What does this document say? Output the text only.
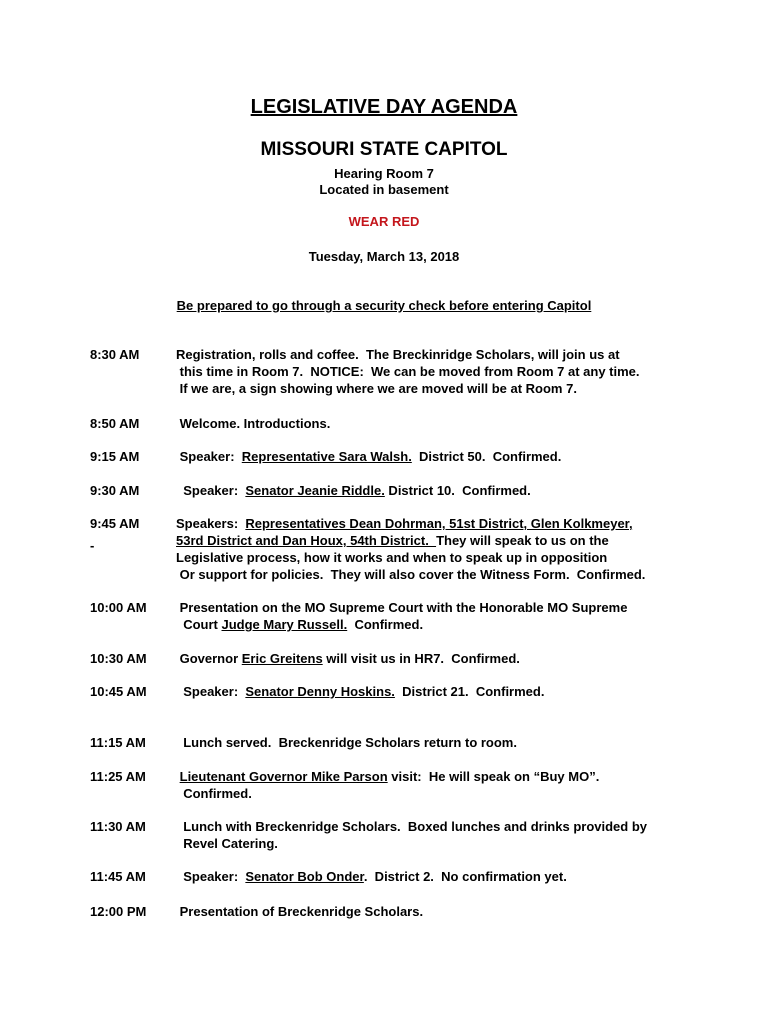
LEGISLATIVE DAY AGENDA
MISSOURI STATE CAPITOL
Hearing Room 7
Located in basement
WEAR RED
Tuesday, March 13, 2018
Be prepared to go through a security check before entering Capitol
8:30 AM	Registration, rolls and coffee.  The Breckinridge Scholars, will join us at
this time in Room 7.  NOTICE:  We can be moved from Room 7 at any time.
If we are, a sign showing where we are moved will be at Room 7.
8:50 AM	Welcome. Introductions.
9:15 AM	Speaker:  Representative Sara Walsh.  District 50.  Confirmed.
9:30 AM	Speaker:  Senator Jeanie Riddle. District 10.  Confirmed.
9:45 AM
-
Speakers:  Representatives Dean Dohrman, 51st District, Glen Kolkmeyer,
53rd District and Dan Houx, 54th District.  They will speak to us on the
Legislative process, how it works and when to speak up in opposition
Or support for policies.  They will also cover the Witness Form.  Confirmed.
10:00 AM Presentation on the MO Supreme Court with the Honorable MO Supreme
Court Judge Mary Russell.  Confirmed.
10:30 AM Governor Eric Greitens will visit us in HR7.  Confirmed.
10:45 AM Speaker:  Senator Denny Hoskins.  District 21.  Confirmed.
11:15 AM Lunch served.  Breckenridge Scholars return to room.
11:25 AM	Lieutenant Governor Mike Parson visit:  He will speak on “Buy MO”.
Confirmed.
11:30 AM Lunch with Breckenridge Scholars.  Boxed lunches and drinks provided by
Revel Catering.
11:45 AM Speaker:  Senator Bob Onder.  District 2.  No confirmation yet.
12:00 PM Presentation of Breckenridge Scholars.
